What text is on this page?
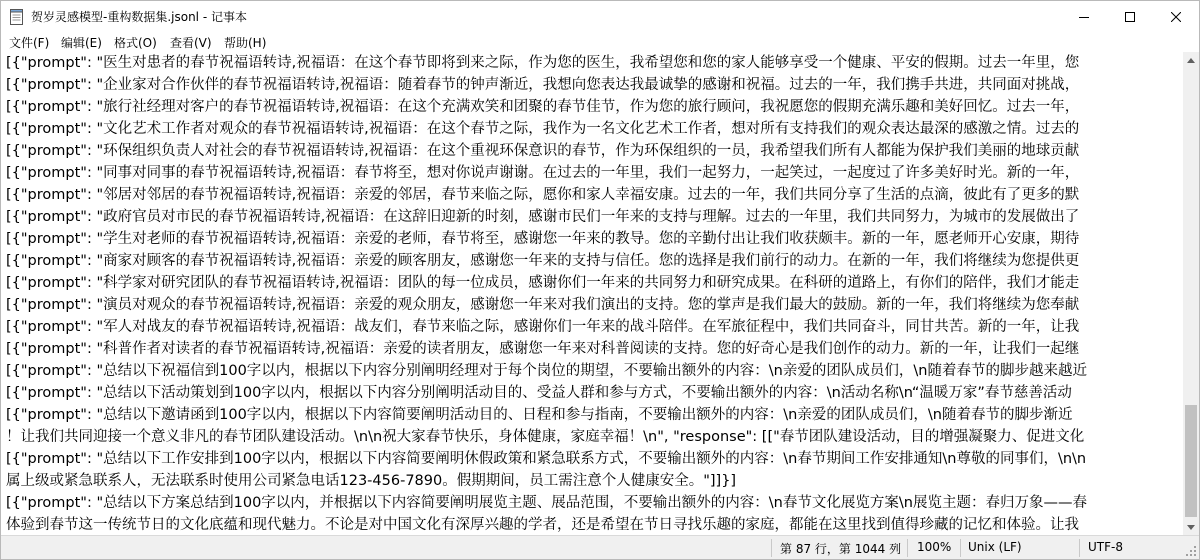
贺岁灵感模型-重构数据集.jsonl - 记事本
文件(F) 编辑(E) 格式(O) 查看(V) 帮助(H)
[{"prompt": "医生对患者的春节祝福语转诗,祝福语：在这个春节即将到来之际，作为您的医生，我希望您和您的家人能够享受一个健康、平安的假期。过去一年里，您
[{"prompt": "企业家对合作伙伴的春节祝福语转诗,祝福语：随着春节的钟声渐近，我想向您表达我最诚挚的感谢和祝福。过去的一年，我们携手共进，共同面对挑战，
[{"prompt": "旅行社经理对客户的春节祝福语转诗,祝福语：在这个充满欢笑和团聚的春节佳节，作为您的旅行顾问，我祝愿您的假期充满乐趣和美好回忆。过去一年，
[{"prompt": "文化艺术工作者对观众的春节祝福语转诗,祝福语：在这个春节之际，我作为一名文化艺术工作者，想对所有支持我们的观众表达最深的感激之情。过去的
[{"prompt": "环保组织负责人对社会的春节祝福语转诗,祝福语：在这个重视环保意识的春节，作为环保组织的一员，我希望我们所有人都能为保护我们美丽的地球贡献
[{"prompt": "同事对同事的春节祝福语转诗,祝福语：春节将至，想对你说声谢谢。在过去的一年里，我们一起努力，一起笑过，一起度过了许多美好时光。新的一年，
[{"prompt": "邻居对邻居的春节祝福语转诗,祝福语：亲爱的邻居，春节来临之际，愿你和家人幸福安康。过去的一年，我们共同分享了生活的点滴，彼此有了更多的默
[{"prompt": "政府官员对市民的春节祝福语转诗,祝福语：在这辞旧迎新的时刻，感谢市民们一年来的支持与理解。过去的一年里，我们共同努力，为城市的发展做出了
[{"prompt": "学生对老师的春节祝福语转诗,祝福语：亲爱的老师，春节将至，感谢您一年来的教导。您的辛勤付出让我们收获颇丰。新的一年，愿老师开心安康，期待
[{"prompt": "商家对顾客的春节祝福语转诗,祝福语：亲爱的顾客朋友，感谢您一年来的支持与信任。您的选择是我们前行的动力。在新的一年，我们将继续为您提供更
[{"prompt": "科学家对研究团队的春节祝福语转诗,祝福语：团队的每一位成员，感谢你们一年来的共同努力和研究成果。在科研的道路上，有你们的陪伴，我们才能走
[{"prompt": "演员对观众的春节祝福语转诗,祝福语：亲爱的观众朋友，感谢您一年来对我们演出的支持。您的掌声是我们最大的鼓励。新的一年，我们将继续为您奉献
[{"prompt": "军人对战友的春节祝福语转诗,祝福语：战友们，春节来临之际，感谢你们一年来的战斗陪伴。在军旅征程中，我们共同奋斗，同甘共苦。新的一年，让我
[{"prompt": "科普作者对读者的春节祝福语转诗,祝福语：亲爱的读者朋友，感谢您一年来对科普阅读的支持。您的好奇心是我们创作的动力。新的一年，让我们一起继
[{"prompt": "总结以下祝福信到100字以内，根据以下内容分别阐明经理对于每个岗位的期望，不要输出额外的内容：\n亲爱的团队成员们，\n随着春节的脚步越来越近
[{"prompt": "总结以下活动策划到100字以内，根据以下内容分别阐明活动目的、受益人群和参与方式，不要输出额外的内容：\n活动名称\n“温暖万家”春节慈善活动
[{"prompt": "总结以下邀请函到100字以内，根据以下内容简要阐明活动目的、日程和参与指南，不要输出额外的内容：\n亲爱的团队成员们，\n随着春节的脚步渐近
！让我们共同迎接一个意义非凡的春节团队建设活动。\n\n祝大家春节快乐，身体健康，家庭幸福！\n", "response": [["春节团队建设活动，目的增强凝聚力、促进文化
[{"prompt": "总结以下工作安排到100字以内，根据以下内容简要阐明休假政策和紧急联系方式，不要输出额外的内容：\n春节期间工作安排通知\n尊敬的同事们，\n\n
属上级或紧急联系人，无法联系时使用公司紧急电话123-456-7890。假期期间，员工需注意个人健康安全。"]]}]
[{"prompt": "总结以下方案总结到100字以内，并根据以下内容简要阐明展览主题、展品范围，不要输出额外的内容：\n春节文化展览方案\n展览主题：春归万象——春
体验到春节这一传统节日的文化底蕴和现代魅力。不论是对中国文化有深厚兴趣的学者，还是希望在节日寻找乐趣的家庭，都能在这里找到值得珍藏的记忆和体验。让我
第 87 行，第 1044 列 100% Unix (LF)	UTF-8
